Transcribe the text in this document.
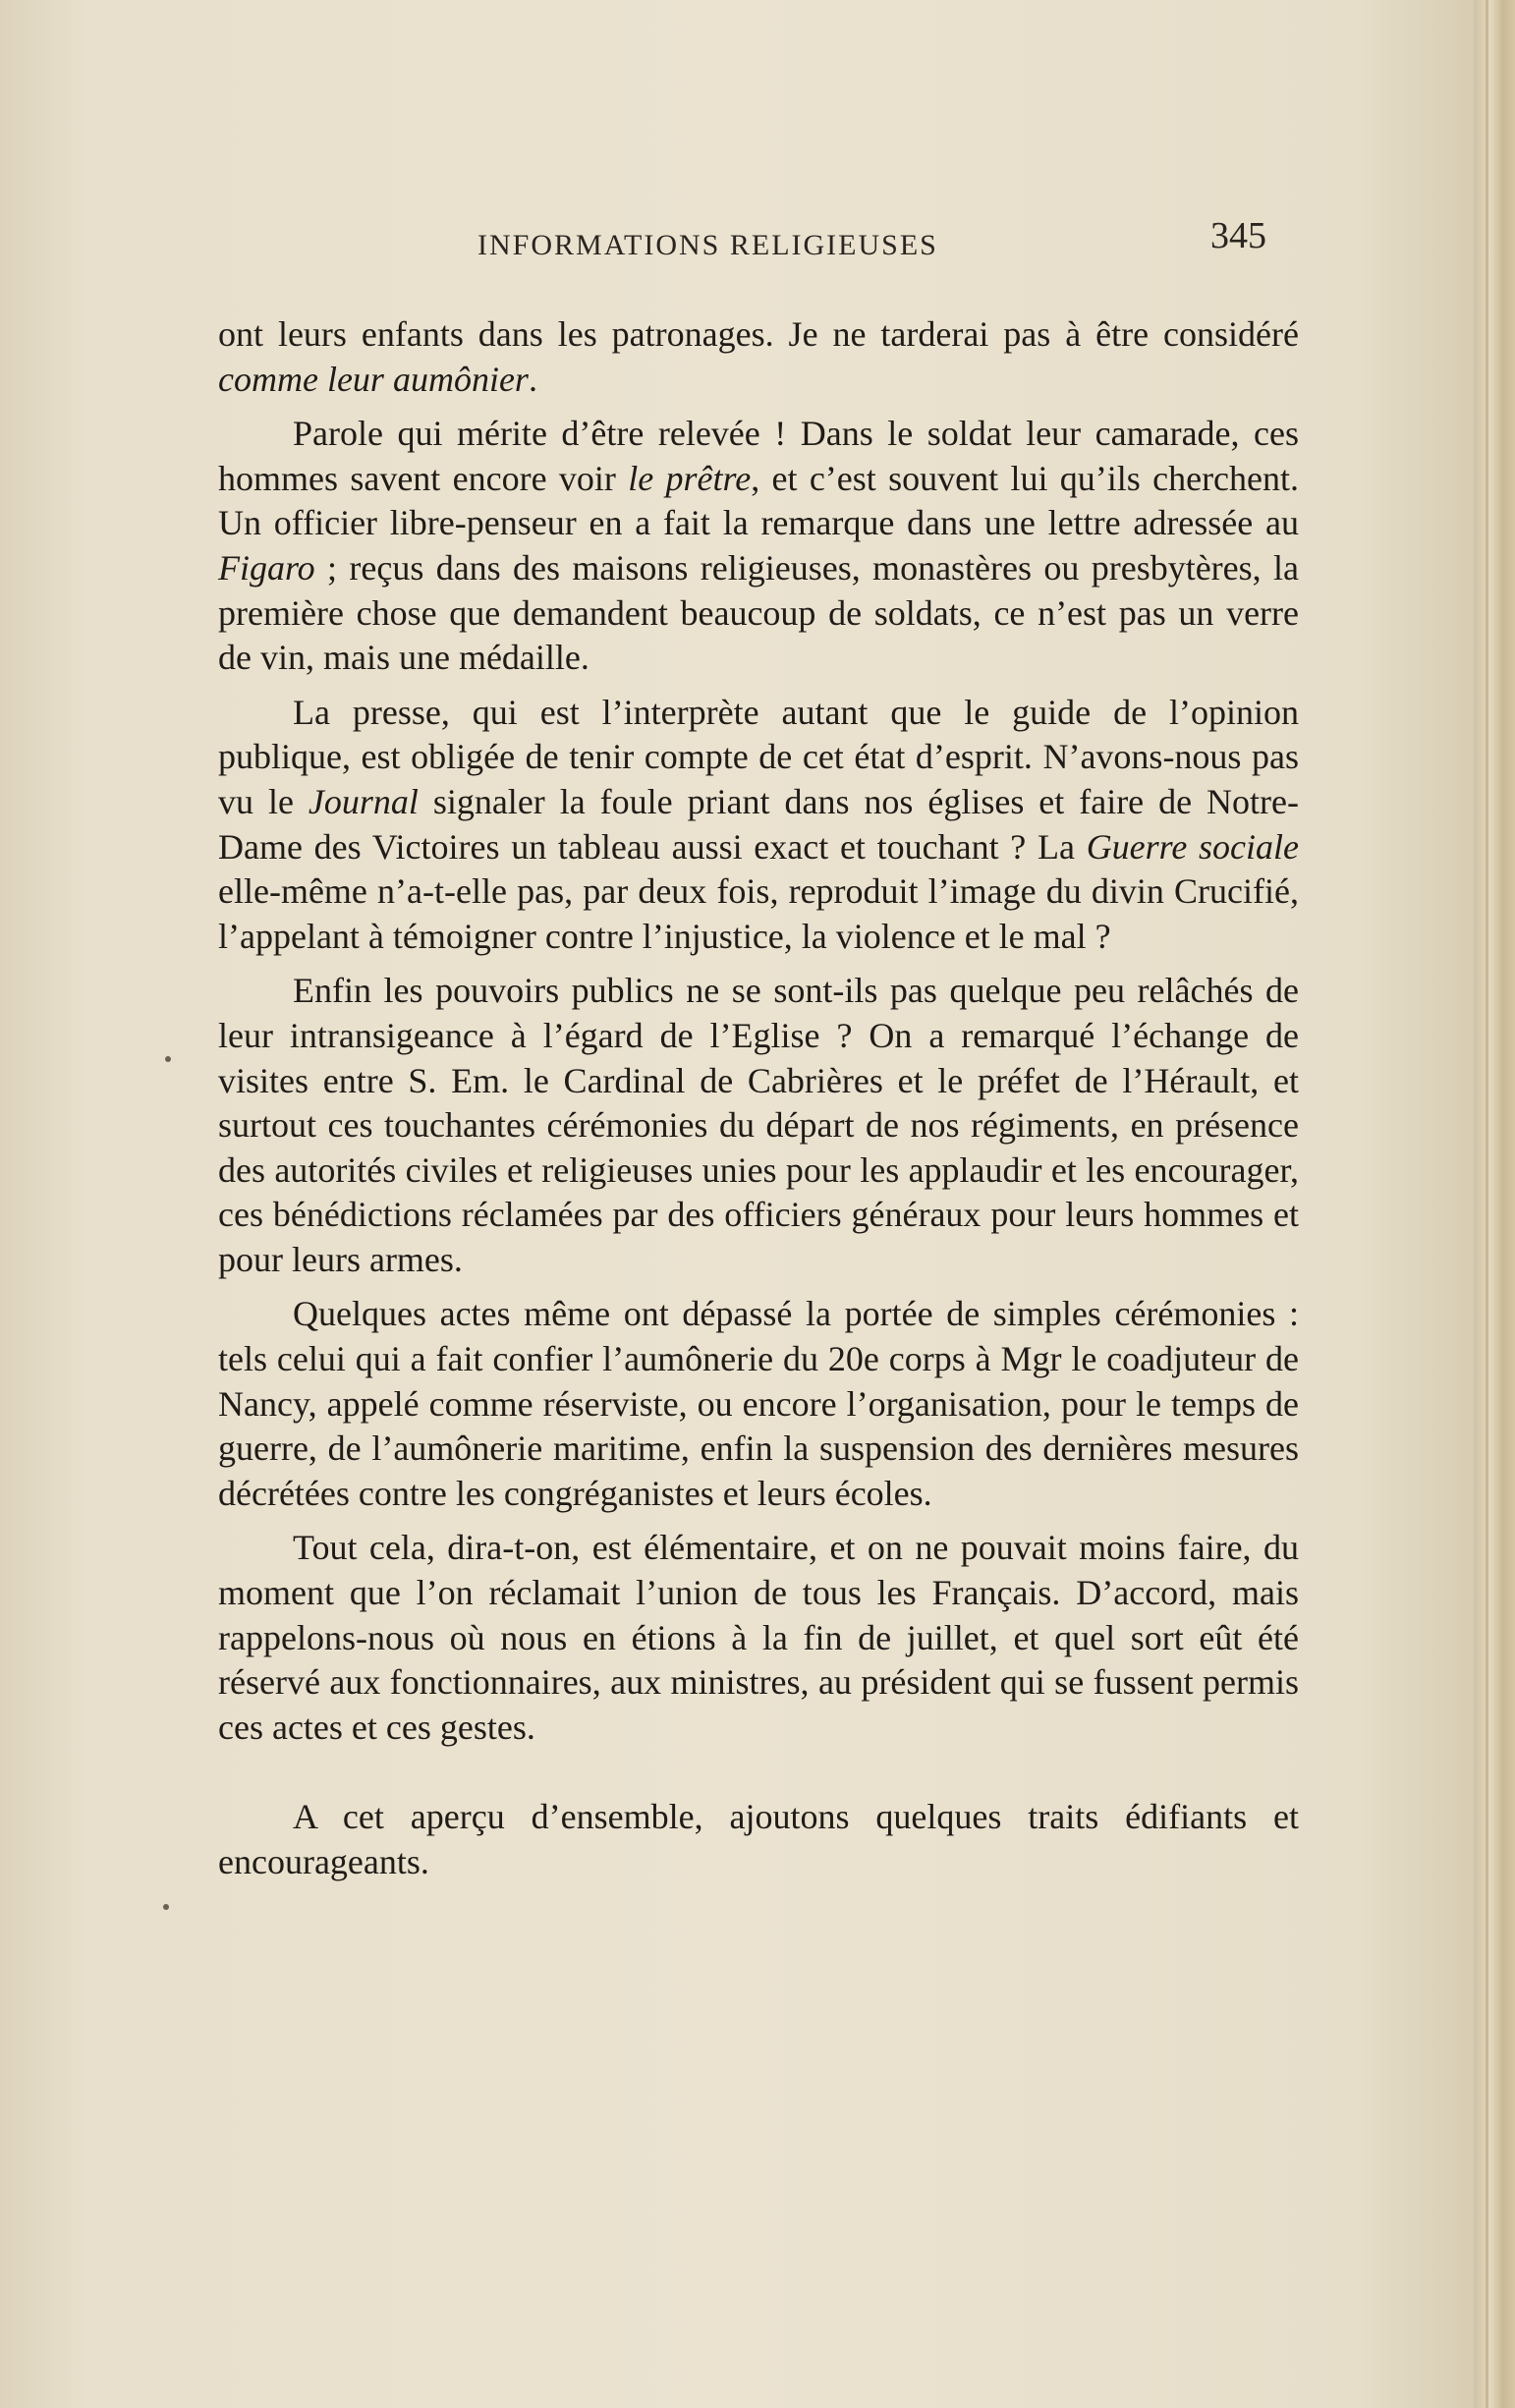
INFORMATIONS RELIGIEUSES	345

ont leurs enfants dans les patronages. Je ne tarderai pas à être considéré comme leur aumônier.

Parole qui mérite d’être relevée ! Dans le soldat leur camarade, ces hommes savent encore voir le prêtre, et c’est souvent lui qu’ils cherchent. Un officier libre-penseur en a fait la remarque dans une lettre adressée au Figaro ; reçus dans des maisons religieuses, monastères ou presbytères, la première chose que demandent beaucoup de soldats, ce n’est pas un verre de vin, mais une médaille.

La presse, qui est l’interprète autant que le guide de l’opinion publique, est obligée de tenir compte de cet état d’esprit. N’avons-nous pas vu le Journal signaler la foule priant dans nos églises et faire de Notre-Dame des Victoires un tableau aussi exact et touchant ? La Guerre sociale elle-même n’a-t-elle pas, par deux fois, reproduit l’image du divin Crucifié, l’appelant à témoigner contre l’injustice, la violence et le mal ?

Enfin les pouvoirs publics ne se sont-ils pas quelque peu relâchés de leur intransigeance à l’égard de l’Eglise ? On a remarqué l’échange de visites entre S. Em. le Cardinal de Cabrières et le préfet de l’Hérault, et surtout ces touchantes cérémonies du départ de nos régiments, en présence des autorités civiles et religieuses unies pour les applaudir et les encourager, ces bénédictions réclamées par des officiers généraux pour leurs hommes et pour leurs armes.

Quelques actes même ont dépassé la portée de simples cérémonies : tels celui qui a fait confier l’aumônerie du 20e corps à Mgr le coadjuteur de Nancy, appelé comme réserviste, ou encore l’organisation, pour le temps de guerre, de l’aumônerie maritime, enfin la suspension des dernières mesures décrétées contre les congréganistes et leurs écoles.

Tout cela, dira-t-on, est élémentaire, et on ne pouvait moins faire, du moment que l’on réclamait l’union de tous les Français. D’accord, mais rappelons-nous où nous en étions à la fin de juillet, et quel sort eût été réservé aux fonctionnaires, aux ministres, au président qui se fussent permis ces actes et ces gestes.

A cet aperçu d’ensemble, ajoutons quelques traits édifiants et encourageants.
